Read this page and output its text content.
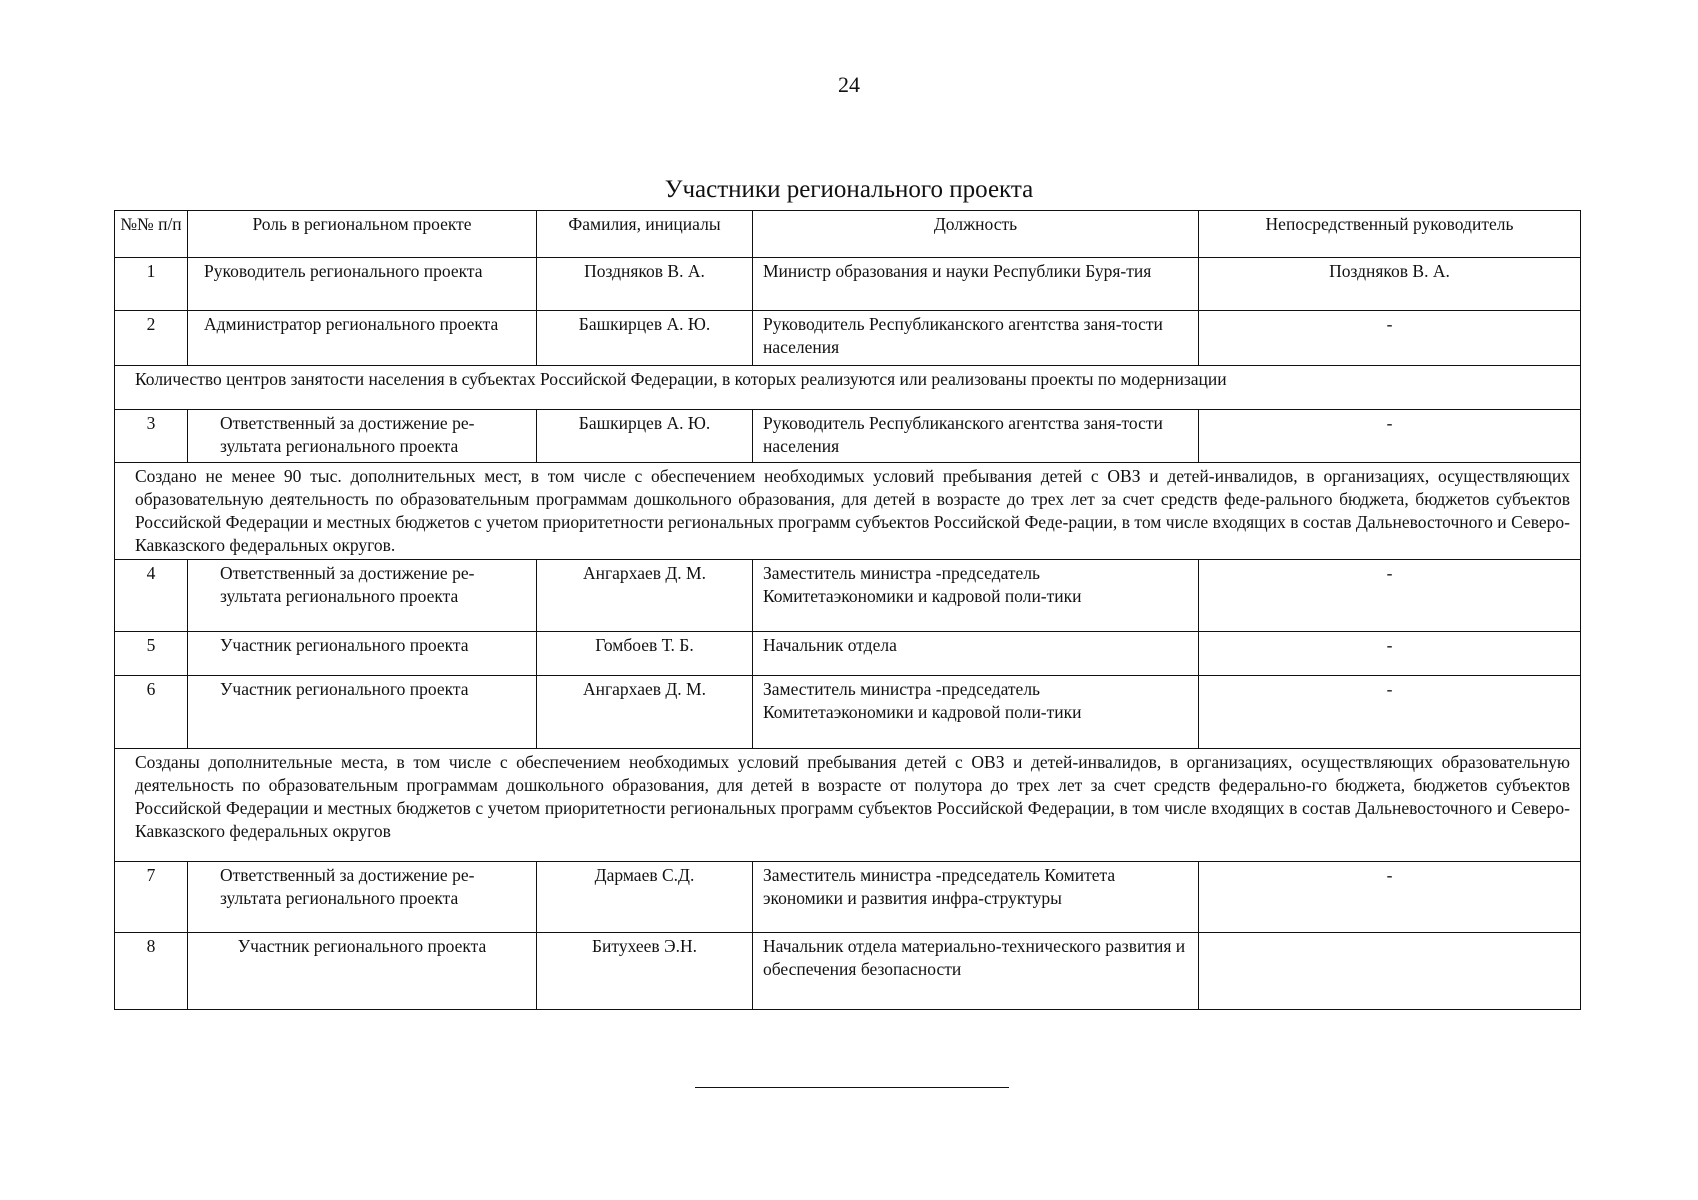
24
Участники регионального проекта
№№ п/п	Роль в региональном проекте	Фамилия, инициалы	Должность	Непосредственный руководитель
1	Руководитель регионального проекта	Поздняков В. А.	Министр образования и науки Республики Буря-тия	Поздняков В. А.
2	Администратор регионального проекта	Башкирцев А. Ю.	Руководитель Республиканского агентства заня-тости населения	-
Количество центров занятости населения в субъектах Российской Федерации, в которых реализуются или реализованы проекты по модернизации				
3	Ответственный за достижение ре-зультата регионального проекта	Башкирцев А. Ю.	Руководитель Республиканского агентства заня-тости населения	-
Создано не менее 90 тыс. дополнительных мест, в том числе с обеспечением необходимых условий пребывания детей с ОВЗ и детей-инвалидов, в организациях, осуществляющих образовательную деятельность по образовательным программам дошкольного образования, для детей в возрасте до трех лет за счет средств феде-рального бюджета, бюджетов субъектов Российской Федерации и местных бюджетов с учетом приоритетности региональных программ субъектов Российской Феде-рации, в том числе входящих в состав Дальневосточного и Северо-Кавказского федеральных округов.				
4	Ответственный за достижение ре-зультата регионального проекта	Ангархаев Д. М.	Заместитель министра -председатель Комитетаэкономики и кадровой поли-тики	-
5	Участник регионального проекта	Гомбоев Т. Б.	Начальник отдела	-
6	Участник регионального проекта	Ангархаев Д. М.	Заместитель министра -председатель Комитетаэкономики и кадровой поли-тики	-
Созданы дополнительные места, в том числе с обеспечением необходимых условий пребывания детей с ОВЗ и детей-инвалидов, в организациях, осуществляющих образовательную деятельность по образовательным программам дошкольного образования, для детей в возрасте от полутора до трех лет за счет средств федерально-го бюджета, бюджетов субъектов Российской Федерации и местных бюджетов с учетом приоритетности региональных программ субъектов Российской Федерации, в том числе входящих в состав Дальневосточного и Северо-Кавказского федеральных округов				
7	Ответственный за достижение ре-зультата регионального проекта	Дармаев С.Д.	Заместитель министра -председатель Комитета экономики и развития инфра-структуры	-
8	Участник регионального проекта	Битухеев Э.Н.	Начальник отдела материально-технического развития и обеспечения безопасности	
